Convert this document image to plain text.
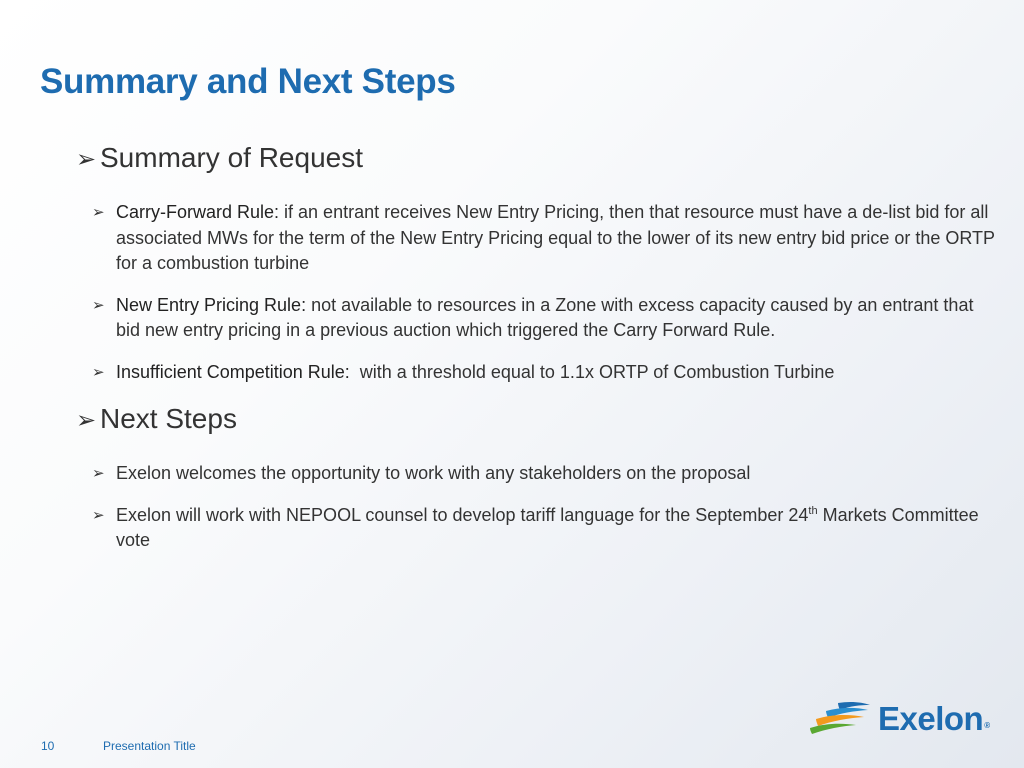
Summary and Next Steps
➢ Summary of Request
➢ Carry-Forward Rule: if an entrant receives New Entry Pricing, then that resource must have a de-list bid for all associated MWs for the term of the New Entry Pricing equal to the lower of its new entry bid price or the ORTP for a combustion turbine
➢ New Entry Pricing Rule: not available to resources in a Zone with excess capacity caused by an entrant that bid new entry pricing in a previous auction which triggered the Carry Forward Rule.
➢ Insufficient Competition Rule:  with a threshold equal to 1.1x ORTP of Combustion Turbine
➢ Next Steps
➢ Exelon welcomes the opportunity to work with any stakeholders on the proposal
➢ Exelon will work with NEPOOL counsel to develop tariff language for the September 24th Markets Committee vote
10	Presentation Title
Exelon®
